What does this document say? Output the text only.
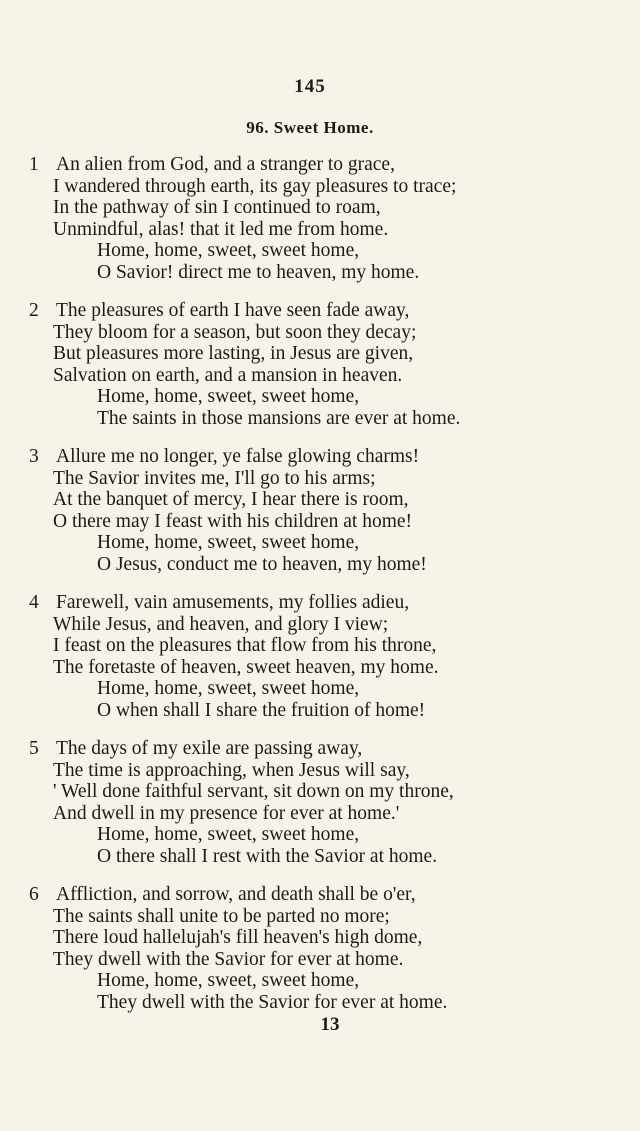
145
96. Sweet Home.
1 An alien from God, and a stranger to grace,
I wandered through earth, its gay pleasures to trace;
In the pathway of sin I continued to roam,
Unmindful, alas! that it led me from home.
Home, home, sweet, sweet home,
O Savior! direct me to heaven, my home.
2 The pleasures of earth I have seen fade away,
They bloom for a season, but soon they decay;
But pleasures more lasting, in Jesus are given,
Salvation on earth, and a mansion in heaven.
Home, home, sweet, sweet home,
The saints in those mansions are ever at home.
3 Allure me no longer, ye false glowing charms!
The Savior invites me, I'll go to his arms;
At the banquet of mercy, I hear there is room,
O there may I feast with his children at home!
Home, home, sweet, sweet home,
O Jesus, conduct me to heaven, my home!
4 Farewell, vain amusements, my follies adieu,
While Jesus, and heaven, and glory I view;
I feast on the pleasures that flow from his throne,
The foretaste of heaven, sweet heaven, my home.
Home, home, sweet, sweet home,
O when shall I share the fruition of home!
5 The days of my exile are passing away,
The time is approaching, when Jesus will say,
' Well done faithful servant, sit down on my throne,
And dwell in my presence for ever at home.'
Home, home, sweet, sweet home,
O there shall I rest with the Savior at home.
6 Affliction, and sorrow, and death shall be o'er,
The saints shall unite to be parted no more;
There loud hallelujah's fill heaven's high dome,
They dwell with the Savior for ever at home.
Home, home, sweet, sweet home,
They dwell with the Savior for ever at home.
13
